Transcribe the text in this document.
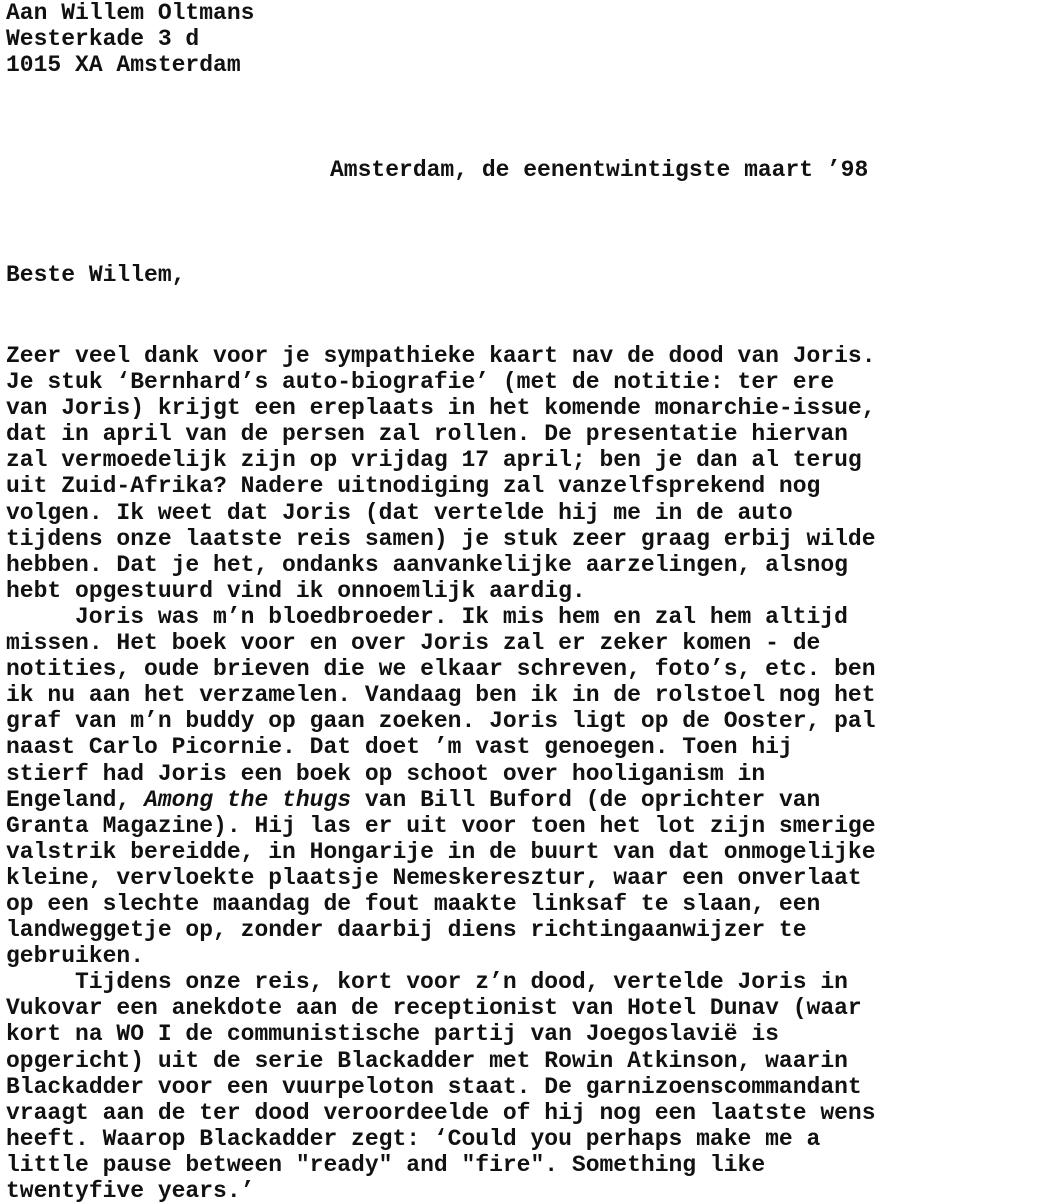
Aan Willem Oltmans
Westerkade 3 d
1015 XA Amsterdam
Amsterdam, de eenentwintigste maart ’98
Beste Willem,
Zeer veel dank voor je sympathieke kaart nav de dood van Joris.
Je stuk ‘Bernhard’s auto-biografie’ (met de notitie: ter ere
van Joris) krijgt een ereplaats in het komende monarchie-issue,
dat in april van de persen zal rollen. De presentatie hiervan
zal vermoedelijk zijn op vrijdag 17 april; ben je dan al terug
uit Zuid-Afrika? Nadere uitnodiging zal vanzelfsprekend nog
volgen. Ik weet dat Joris (dat vertelde hij me in de auto
tijdens onze laatste reis samen) je stuk zeer graag erbij wilde
hebben. Dat je het, ondanks aanvankelijke aarzelingen, alsnog
hebt opgestuurd vind ik onnoemlijk aardig.
Joris was m’n bloedbroeder. Ik mis hem en zal hem altijd
missen. Het boek voor en over Joris zal er zeker komen - de
notities, oude brieven die we elkaar schreven, foto’s, etc. ben
ik nu aan het verzamelen. Vandaag ben ik in de rolstoel nog het
graf van m’n buddy op gaan zoeken. Joris ligt op de Ooster, pal
naast Carlo Picornie. Dat doet ’m vast genoegen. Toen hij
stierf had Joris een boek op schoot over hooliganism in
Engeland, Among the thugs van Bill Buford (de oprichter van
Granta Magazine). Hij las er uit voor toen het lot zijn smerige
valstrik bereidde, in Hongarije in de buurt van dat onmogelijke
kleine, vervloekte plaatsje Nemeskeresztur, waar een onverlaat
op een slechte maandag de fout maakte linksaf te slaan, een
landweggetje op, zonder daarbij diens richtingaanwijzer te
gebruiken.
Tijdens onze reis, kort voor z’n dood, vertelde Joris in
Vukovar een anekdote aan de receptionist van Hotel Dunav (waar
kort na WO I de communistische partij van Joegoslavië is
opgericht) uit de serie Blackadder met Rowin Atkinson, waarin
Blackadder voor een vuurpeloton staat. De garnizoenscommandant
vraagt aan de ter dood veroordeelde of hij nog een laatste wens
heeft. Waarop Blackadder zegt: ‘Could you perhaps make me a
little pause between "ready" and "fire". Something like
twentyfive years.’
